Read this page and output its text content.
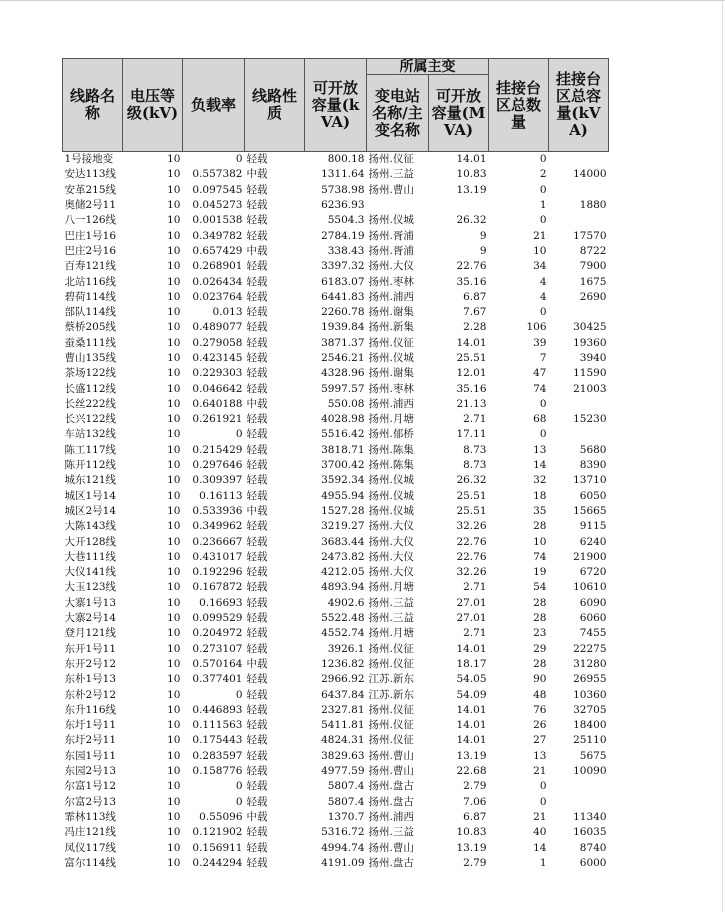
线路名称	电压等级(kV)	负载率	线路性质	可开放容量(kVA)	所属主变		挂接台区总数量	挂接台区总容量(kVA)
					变电站名称/主变名称	可开放容量(MVA)		
1号接地变	10	0	轻载	800.18	扬州.仪征	14.01	0	
安达113线	10	0.557382	中载	1311.64	扬州.三益	10.83	2	14000
安革215线	10	0.097545	轻载	5738.98	扬州.曹山	13.19	0	
奥储2号11	10	0.045273	轻载	6236.93			1	1880
八一126线	10	0.001538	轻载	5504.3	扬州.仪城	26.32	0	
巴庄1号16	10	0.349782	轻载	2784.19	扬州.胥浦	9	21	17570
巴庄2号16	10	0.657429	中载	338.43	扬州.胥浦	9	10	8722
百寿121线	10	0.268901	轻载	3397.32	扬州.大仪	22.76	34	7900
北站116线	10	0.026434	轻载	6183.07	扬州.枣林	35.16	4	1675
碧荷114线	10	0.023764	轻载	6441.83	扬州.浦西	6.87	4	2690
部队114线	10	0.013	轻载	2260.78	扬州.谢集	7.67	0	
蔡桥205线	10	0.489077	轻载	1939.84	扬州.新集	2.28	106	30425
蚕桑111线	10	0.279058	轻载	3871.37	扬州.仪征	14.01	39	19360
曹山135线	10	0.423145	轻载	2546.21	扬州.仪城	25.51	7	3940
茶场122线	10	0.229303	轻载	4328.96	扬州.谢集	12.01	47	11590
长盛112线	10	0.046642	轻载	5997.57	扬州.枣林	35.16	74	21003
长丝222线	10	0.640188	中载	550.08	扬州.浦西	21.13	0	
长兴122线	10	0.261921	轻载	4028.98	扬州.月塘	2.71	68	15230
车站132线	10	0	轻载	5516.42	扬州.郁桥	17.11	0	
陈工117线	10	0.215429	轻载	3818.71	扬州.陈集	8.73	13	5680
陈开112线	10	0.297646	轻载	3700.42	扬州.陈集	8.73	14	8390
城东121线	10	0.309397	轻载	3592.34	扬州.仪城	26.32	32	13710
城区1号14	10	0.16113	轻载	4955.94	扬州.仪城	25.51	18	6050
城区2号14	10	0.533936	中载	1527.28	扬州.仪城	25.51	35	15665
大陈143线	10	0.349962	轻载	3219.27	扬州.大仪	32.26	28	9115
大开128线	10	0.236667	轻载	3683.44	扬州.大仪	22.76	10	6240
大巷111线	10	0.431017	轻载	2473.82	扬州.大仪	22.76	74	21900
大仪141线	10	0.192296	轻载	4212.05	扬州.大仪	32.26	19	6720
大玉123线	10	0.167872	轻载	4893.94	扬州.月塘	2.71	54	10610
大寨1号13	10	0.16693	轻载	4902.6	扬州.三益	27.01	28	6090
大寨2号14	10	0.099529	轻载	5522.48	扬州.三益	27.01	28	6060
登月121线	10	0.204972	轻载	4552.74	扬州.月塘	2.71	23	7455
东开1号11	10	0.273107	轻载	3926.1	扬州.仪征	14.01	29	22275
东开2号12	10	0.570164	中载	1236.82	扬州.仪征	18.17	28	31280
东朴1号13	10	0.377401	轻载	2966.92	江苏.新东	54.05	90	26955
东朴2号12	10	0	轻载	6437.84	江苏.新东	54.09	48	10360
东升116线	10	0.446893	轻载	2327.81	扬州.仪征	14.01	76	32705
东圩1号11	10	0.111563	轻载	5411.81	扬州.仪征	14.01	26	18400
东圩2号11	10	0.175443	轻载	4824.31	扬州.仪征	14.01	27	25110
东园1号11	10	0.283597	轻载	3829.63	扬州.曹山	13.19	13	5675
东园2号13	10	0.158776	轻载	4977.59	扬州.曹山	22.68	21	10090
尔富1号12	10	0	轻载	5807.4	扬州.盘古	2.79	0	
尔富2号13	10	0	轻载	5807.4	扬州.盘古	7.06	0	
霏林113线	10	0.55096	中载	1370.7	扬州.浦西	6.87	21	11340
冯庄121线	10	0.121902	轻载	5316.72	扬州.三益	10.83	40	16035
凤仪117线	10	0.156911	轻载	4994.74	扬州.曹山	13.19	14	8740
富尔114线	10	0.244294	轻载	4191.09	扬州.盘古	2.79	1	6000
